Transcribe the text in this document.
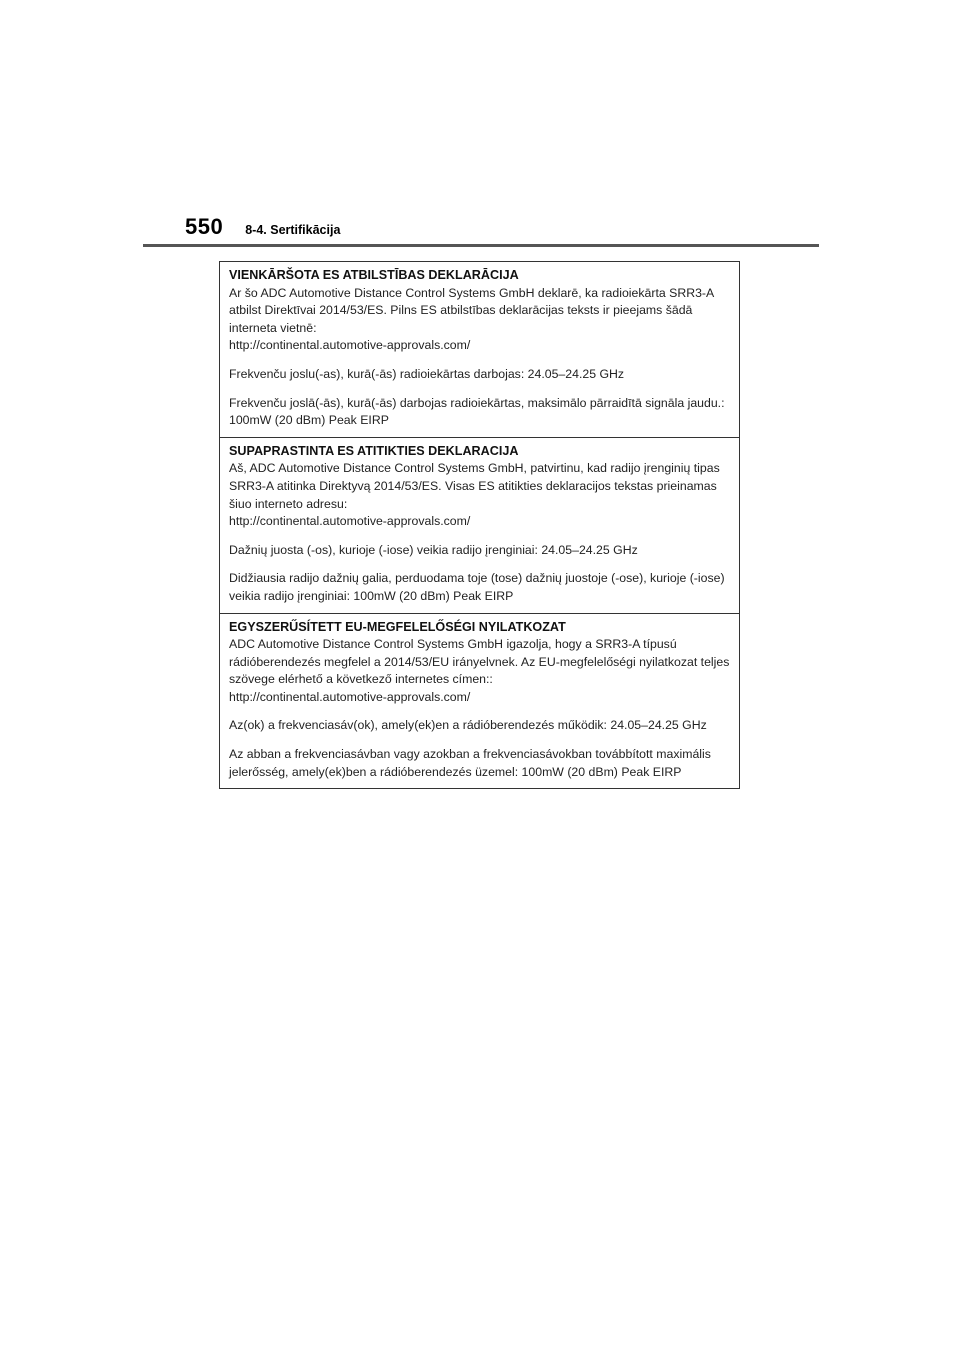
550 8-4. Sertifikācija
VIENKĀRŠOTA ES ATBILSTĪBAS DEKLARĀCIJA

Ar šo ADC Automotive Distance Control Systems GmbH deklarē, ka radioiekārta SRR3-A atbilst Direktīvai 2014/53/ES. Pilns ES atbilstības deklarācijas teksts ir pieejams šādā interneta vietnē:
http://continental.automotive-approvals.com/

Frekvenču joslu(-as), kurā(-ās) radioiekārtas darbojas: 24.05–24.25 GHz

Frekvenču joslā(-ās), kurā(-ās) darbojas radioiekārtas, maksimālo pārraidītā signāla jaudu.: 100mW (20 dBm) Peak EIRP

SUPAPRASTINTA ES ATITIKTIES DEKLARACIJA

Aš, ADC Automotive Distance Control Systems GmbH, patvirtinu, kad radijo įrenginių tipas SRR3-A atitinka Direktyvą 2014/53/ES. Visas ES atitikties deklaracijos tekstas prieinamas šiuo interneto adresu:
http://continental.automotive-approvals.com/

Dažnių juosta (-os), kurioje (-iose) veikia radijo įrenginiai: 24.05–24.25 GHz

Didžiausia radijo dažnių galia, perduodama toje (tose) dažnių juostoje (-ose), kurioje (-iose) veikia radijo įrenginiai: 100mW (20 dBm) Peak EIRP

EGYSZERŰSÍTETT EU-MEGFELELŐSÉGI NYILATKOZAT

ADC Automotive Distance Control Systems GmbH igazolja, hogy a SRR3-A típusú rádióberendezés megfelel a 2014/53/EU irányelvnek. Az EU-megfelelőségi nyilatkozat teljes szövege elérhető a következő internetes címen::
http://continental.automotive-approvals.com/

Az(ok) a frekvenciasáv(ok), amely(ek)en a rádióberendezés működik: 24.05–24.25 GHz

Az abban a frekvenciasávban vagy azokban a frekvenciasávokban továbbított maximális jelerősség, amely(ek)ben a rádióberendezés üzemel: 100mW (20 dBm) Peak EIRP
